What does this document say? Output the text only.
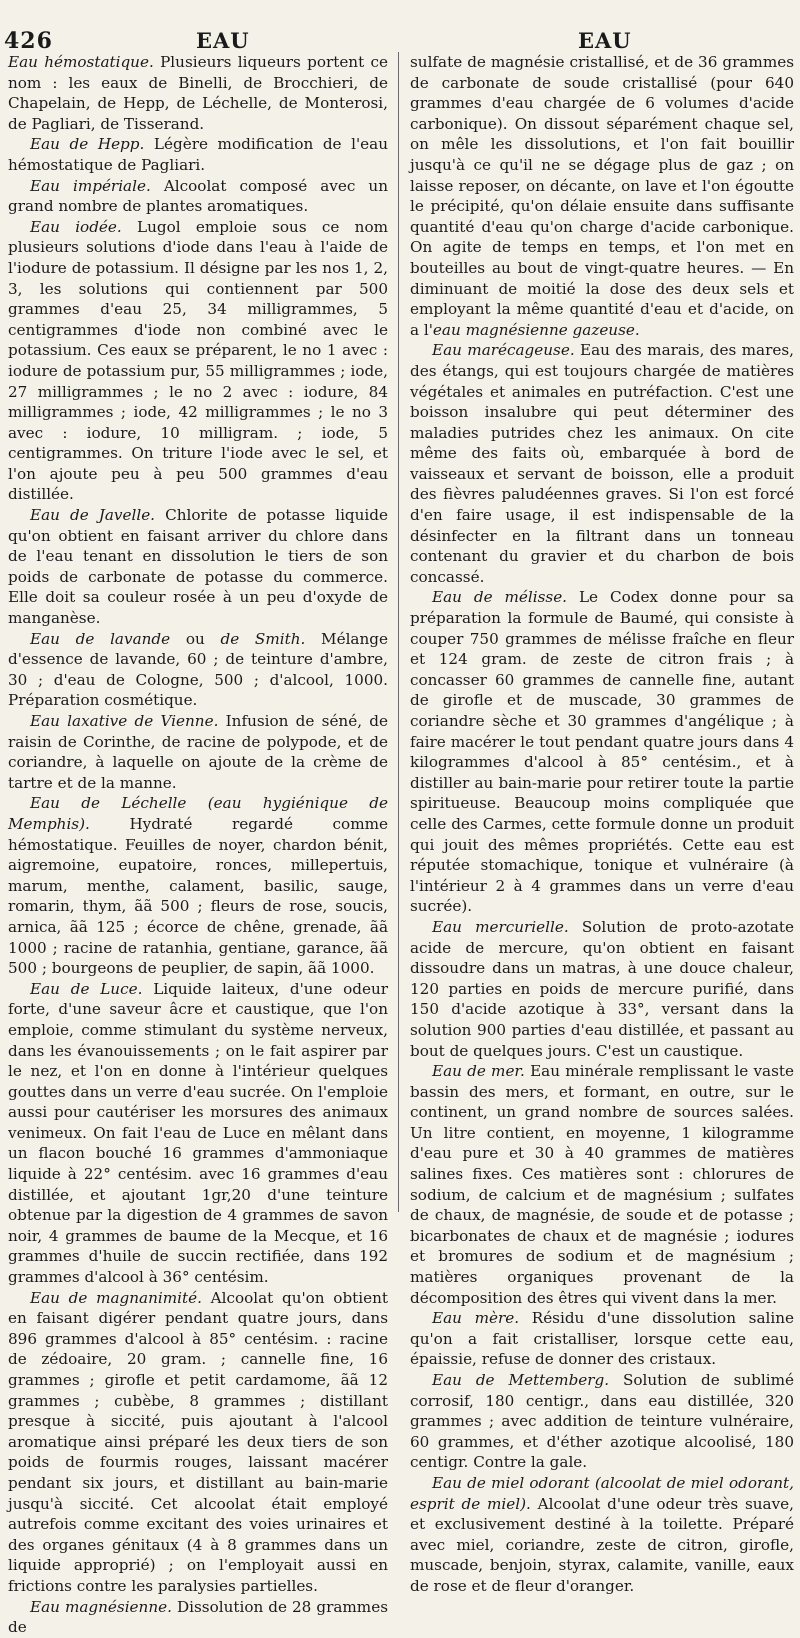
426	EAU	EAU

Eau hémostatique. Plusieurs liqueurs portent ce nom : les eaux de Binelli, de Brocchieri, de Chapelain, de Hepp, de Léchelle, de Monterosi, de Pagliari, de Tisserand.

Eau de Hepp. Légère modification de l'eau hémostatique de Pagliari.

Eau impériale. Alcoolat composé avec un grand nombre de plantes aromatiques.

Eau iodée. Lugol emploie sous ce nom plusieurs solutions d'iode dans l'eau à l'aide de l'iodure de potassium. Il désigne par les nos 1, 2, 3, les solutions qui contiennent par 500 grammes d'eau 25, 34 milligrammes, 5 centigrammes d'iode non combiné avec le potassium. Ces eaux se préparent, le no 1 avec : iodure de potassium pur, 55 milligrammes ; iode, 27 milligrammes ; le no 2 avec : iodure, 84 milligrammes ; iode, 42 milligrammes ; le no 3 avec : iodure, 10 milligram. ; iode, 5 centigrammes. On triture l'iode avec le sel, et l'on ajoute peu à peu 500 grammes d'eau distillée.

Eau de Javelle. Chlorite de potasse liquide qu'on obtient en faisant arriver du chlore dans de l'eau tenant en dissolution le tiers de son poids de carbonate de potasse du commerce. Elle doit sa couleur rosée à un peu d'oxyde de manganèse.

Eau de lavande ou de Smith. Mélange d'essence de lavande, 60 ; de teinture d'ambre, 30 ; d'eau de Cologne, 500 ; d'alcool, 1000. Préparation cosmétique.

Eau laxative de Vienne. Infusion de séné, de raisin de Corinthe, de racine de polypode, et de coriandre, à laquelle on ajoute de la crème de tartre et de la manne.

Eau de Léchelle (eau hygiénique de Memphis). Hydraté regardé comme hémostatique. Feuilles de noyer, chardon bénit, aigremoine, eupatoire, ronces, millepertuis, marum, menthe, calament, basilic, sauge, romarin, thym, ãã 500 ; fleurs de rose, soucis, arnica, ãã 125 ; écorce de chêne, grenade, ãã 1000 ; racine de ratanhia, gentiane, garance, ãã 500 ; bourgeons de peuplier, de sapin, ãã 1000.

Eau de Luce. Liquide laiteux, d'une odeur forte, d'une saveur âcre et caustique, que l'on emploie, comme stimulant du système nerveux, dans les évanouissements ; on le fait aspirer par le nez, et l'on en donne à l'intérieur quelques gouttes dans un verre d'eau sucrée. On l'emploie aussi pour cautériser les morsures des animaux venimeux. On fait l'eau de Luce en mêlant dans un flacon bouché 16 grammes d'ammoniaque liquide à 22° centésim. avec 16 grammes d'eau distillée, et ajoutant 1gr,20 d'une teinture obtenue par la digestion de 4 grammes de savon noir, 4 grammes de baume de la Mecque, et 16 grammes d'huile de succin rectifiée, dans 192 grammes d'alcool à 36° centésim.

Eau de magnanimité. Alcoolat qu'on obtient en faisant digérer pendant quatre jours, dans 896 grammes d'alcool à 85° centésim. : racine de zédoaire, 20 gram. ; cannelle fine, 16 grammes ; girofle et petit cardamome, ãã 12 grammes ; cubèbe, 8 grammes ; distillant presque à siccité, puis ajoutant à l'alcool aromatique ainsi préparé les deux tiers de son poids de fourmis rouges, laissant macérer pendant six jours, et distillant au bain-marie jusqu'à siccité. Cet alcoolat était employé autrefois comme excitant des voies urinaires et des organes génitaux (4 à 8 grammes dans un liquide approprié) ; on l'employait aussi en frictions contre les paralysies partielles.

Eau magnésienne. Dissolution de 28 grammes de

sulfate de magnésie cristallisé, et de 36 grammes de carbonate de soude cristallisé (pour 640 grammes d'eau chargée de 6 volumes d'acide carbonique). On dissout séparément chaque sel, on mêle les dissolutions, et l'on fait bouillir jusqu'à ce qu'il ne se dégage plus de gaz ; on laisse reposer, on décante, on lave et l'on égoutte le précipité, qu'on délaie ensuite dans suffisante quantité d'eau qu'on charge d'acide carbonique. On agite de temps en temps, et l'on met en bouteilles au bout de vingt-quatre heures. — En diminuant de moitié la dose des deux sels et employant la même quantité d'eau et d'acide, on a l'eau magnésienne gazeuse.

Eau marécageuse. Eau des marais, des mares, des étangs, qui est toujours chargée de matières végétales et animales en putréfaction. C'est une boisson insalubre qui peut déterminer des maladies putrides chez les animaux. On cite même des faits où, embarquée à bord de vaisseaux et servant de boisson, elle a produit des fièvres paludéennes graves. Si l'on est forcé d'en faire usage, il est indispensable de la désinfecter en la filtrant dans un tonneau contenant du gravier et du charbon de bois concassé.

Eau de mélisse. Le Codex donne pour sa préparation la formule de Baumé, qui consiste à couper 750 grammes de mélisse fraîche en fleur et 124 gram. de zeste de citron frais ; à concasser 60 grammes de cannelle fine, autant de girofle et de muscade, 30 grammes de coriandre sèche et 30 grammes d'angélique ; à faire macérer le tout pendant quatre jours dans 4 kilogrammes d'alcool à 85° centésim., et à distiller au bain-marie pour retirer toute la partie spiritueuse. Beaucoup moins compliquée que celle des Carmes, cette formule donne un produit qui jouit des mêmes propriétés. Cette eau est réputée stomachique, tonique et vulnéraire (à l'intérieur 2 à 4 grammes dans un verre d'eau sucrée).

Eau mercurielle. Solution de proto-azotate acide de mercure, qu'on obtient en faisant dissoudre dans un matras, à une douce chaleur, 120 parties en poids de mercure purifié, dans 150 d'acide azotique à 33°, versant dans la solution 900 parties d'eau distillée, et passant au bout de quelques jours. C'est un caustique.

Eau de mer. Eau minérale remplissant le vaste bassin des mers, et formant, en outre, sur le continent, un grand nombre de sources salées. Un litre contient, en moyenne, 1 kilogramme d'eau pure et 30 à 40 grammes de matières salines fixes. Ces matières sont : chlorures de sodium, de calcium et de magnésium ; sulfates de chaux, de magnésie, de soude et de potasse ; bicarbonates de chaux et de magnésie ; iodures et bromures de sodium et de magnésium ; matières organiques provenant de la décomposition des êtres qui vivent dans la mer.

Eau mère. Résidu d'une dissolution saline qu'on a fait cristalliser, lorsque cette eau, épaissie, refuse de donner des cristaux.

Eau de Mettemberg. Solution de sublimé corrosif, 180 centigr., dans eau distillée, 320 grammes ; avec addition de teinture vulnéraire, 60 grammes, et d'éther azotique alcoolisé, 180 centigr. Contre la gale.

Eau de miel odorant (alcoolat de miel odorant, esprit de miel). Alcoolat d'une odeur très suave, et exclusivement destiné à la toilette. Préparé avec miel, coriandre, zeste de citron, girofle, muscade, benjoin, styrax, calamite, vanille, eaux de rose et de fleur d'oranger.
